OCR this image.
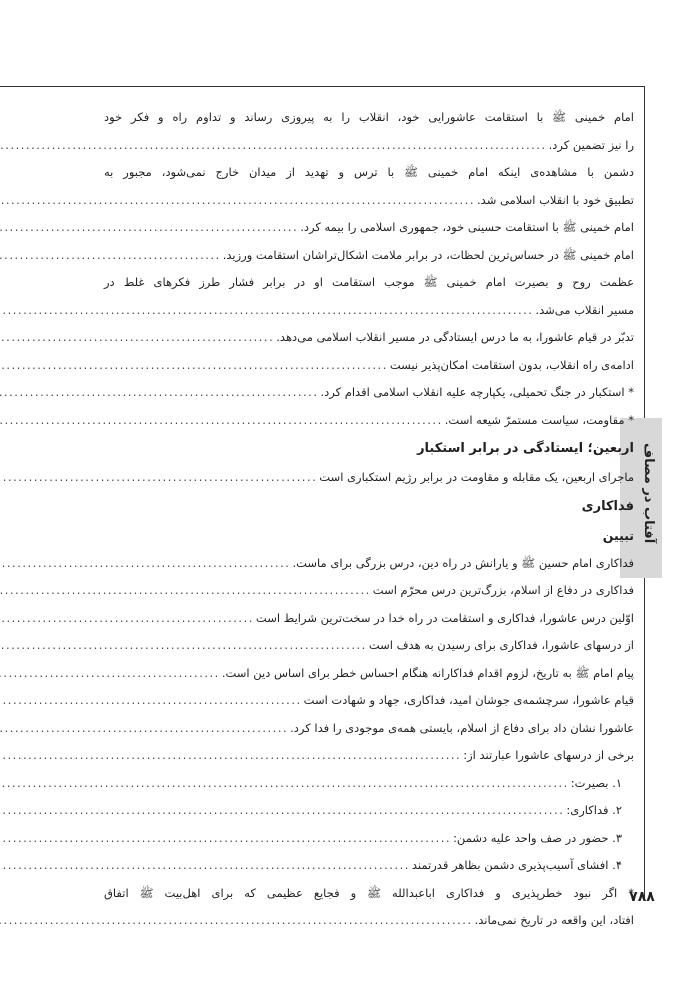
آفتاب در مصاف
۷۸۸
امام خمینی ﷺ با استقامت عاشورایی خود، انقلاب را به پیروزی رساند و تداوم راه و فکر خود
را نیز تضمین کرد.
.....
دشمن با مشاهده‌ی اینکه امام خمینی ﷺ با ترس و تهدید از میدان خارج نمی‌شود، مجبور به
تطبیق خود با انقلاب اسلامی شد.
.....
امام خمینی ﷺ با استقامت حسینی خود، جمهوری اسلامی را بیمه کرد.
.....
امام خمینی ﷺ در حساس‌ترین لحظات، در برابر ملامت اشکال‌تراشان استقامت ورزید.
.....
عظمت روح و بصیرت امام خمینی ﷺ موجب استقامت او در برابر فشار طرز فکرهای غلط در
مسیر انقلاب می‌شد.
.....
تدبّر در قیام عاشورا، به ما درس ایستادگی در مسیر انقلاب اسلامی می‌دهد.
.....
ادامه‌ی راه انقلاب، بدون استقامت امکان‌پذیر نیست
.....
* استکبار در جنگ تحمیلی، یکپارچه علیه انقلاب اسلامی اقدام کرد.
.....
* مقاومت، سیاست مستمرّ شیعه است.
.....
اربعین؛ ایستادگی در برابر استکبار
ماجرای اربعین، یک مقابله و مقاومت در برابر رژیم استکباری است
.....
فداکاری
تبیین
فداکاری امام حسین ﷺ و یارانش در راه دین، درس بزرگی برای ماست.
.....
فداکاری در دفاع از اسلام، بزرگ‌ترین درس محرّم است
.....
اوّلین درس عاشورا، فداکاری و استقامت در راه خدا در سخت‌ترین شرایط است
.....
از درسهای عاشورا، فداکاری برای رسیدن به هدف است
.....
پیام امام ﷺ به تاریخ، لزوم اقدام فداکارانه هنگام احساس خطر برای اساس دین است.
.....
قیام عاشورا، سرچشمه‌ی جوشان امید، فداکاری، جهاد و شهادت است
.....
عاشورا نشان داد برای دفاع از اسلام، بایستی همه‌ی موجودی را فدا کرد.
.....
برخی از درسهای عاشورا عبارتند از:
.....
۱. بصیرت:
.....
۲. فداکاری:
.....
۳. حضور در صف واحد علیه دشمن:
.....
۴. افشای آسیب‌پذیری دشمن بظاهر قدرتمند
.....
* اگر نبود خطرپذیری و فداکاری اباعبدالله ﷺ و فجایع عظیمی که برای اهل‌بیت ﷺ اتفاق
افتاد، این واقعه در تاریخ نمی‌ماند.
.....
